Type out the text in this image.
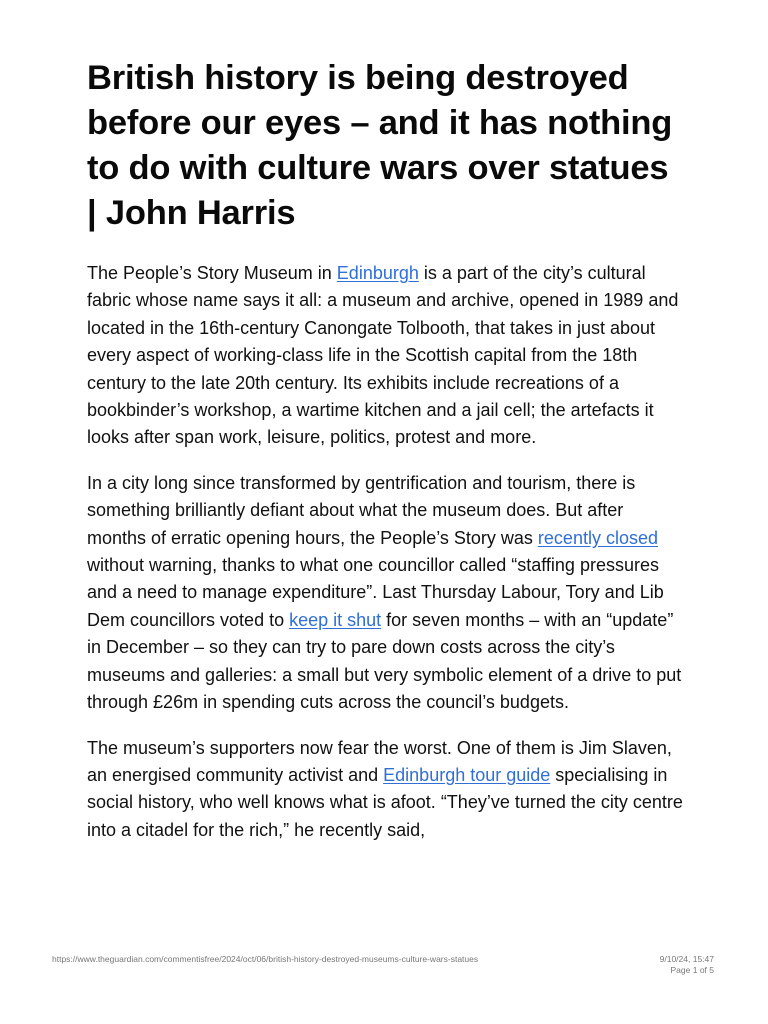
British history is being destroyed before our eyes – and it has nothing to do with culture wars over statues | John Harris

The People’s Story Museum in Edinburgh is a part of the city’s cultural fabric whose name says it all: a museum and archive, opened in 1989 and located in the 16th-century Canongate Tolbooth, that takes in just about every aspect of working-class life in the Scottish capital from the 18th century to the late 20th century. Its exhibits include recreations of a bookbinder’s workshop, a wartime kitchen and a jail cell; the artefacts it looks after span work, leisure, politics, protest and more.

In a city long since transformed by gentrification and tourism, there is something brilliantly defiant about what the museum does. But after months of erratic opening hours, the People’s Story was recently closed without warning, thanks to what one councillor called “staffing pressures and a need to manage expenditure”. Last Thursday Labour, Tory and Lib Dem councillors voted to keep it shut for seven months – with an “update” in December – so they can try to pare down costs across the city’s museums and galleries: a small but very symbolic element of a drive to put through £26m in spending cuts across the council’s budgets.

The museum’s supporters now fear the worst. One of them is Jim Slaven, an energised community activist and Edinburgh tour guide specialising in social history, who well knows what is afoot. “They’ve turned the city centre into a citadel for the rich,” he recently said,

https://www.theguardian.com/commentisfree/2024/oct/06/british-history-destroyed-museums-culture-wars-statues	9/10/24, 15:47
Page 1 of 5
